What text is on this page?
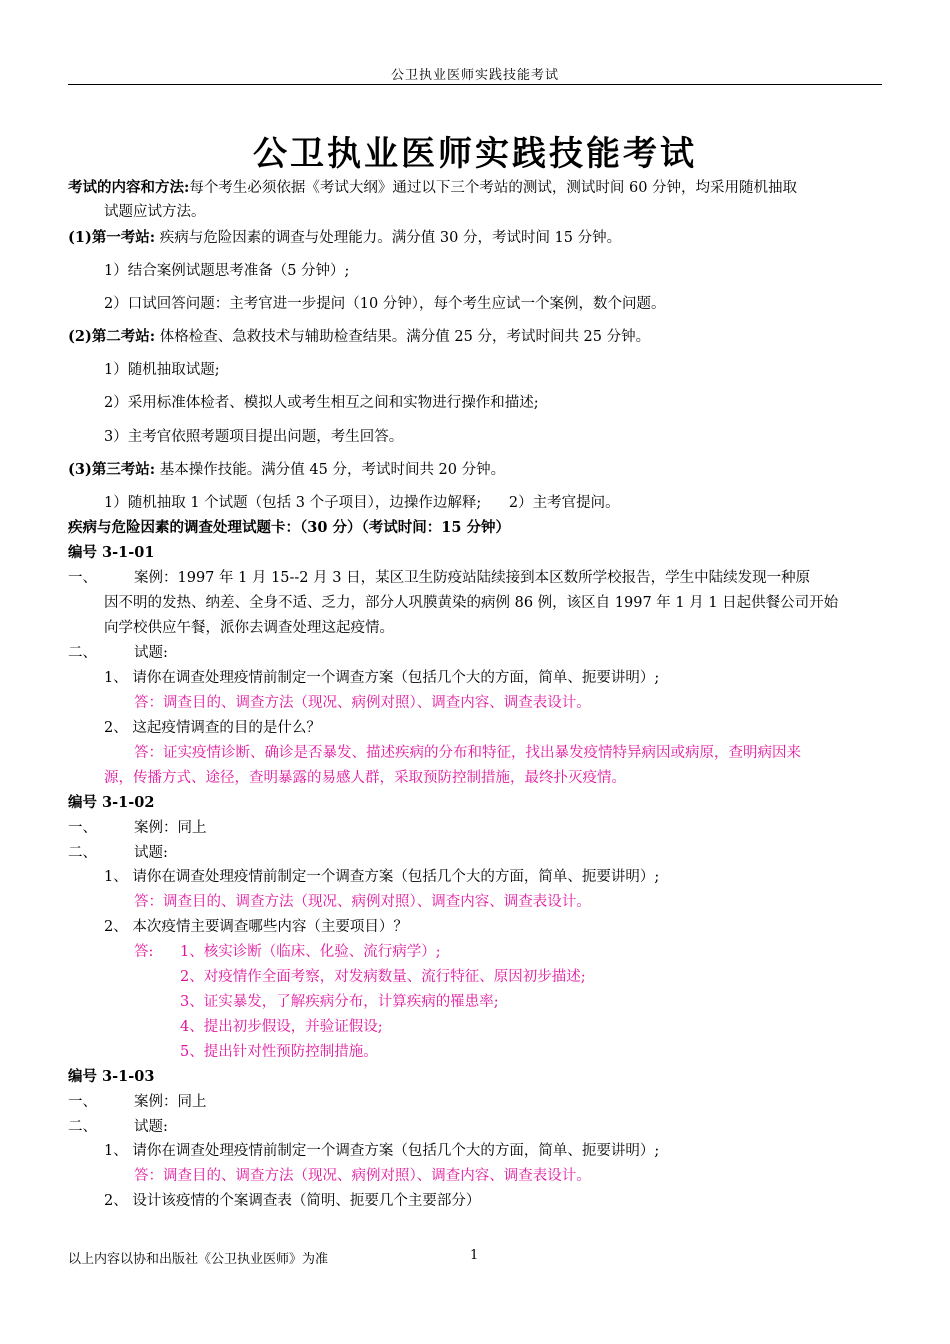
公卫执业医师实践技能考试
公卫执业医师实践技能考试
考试的内容和方法:每个考生必须依据《考试大纲》通过以下三个考站的测试，测试时间 60 分钟，均采用随机抽取
试题应试方法。
(1)第一考站: 疾病与危险因素的调查与处理能力。满分值 30 分，考试时间 15 分钟。
1）结合案例试题思考准备（5 分钟）;
2）口试回答问题：主考官进一步提问（10 分钟），每个考生应试一个案例，数个问题。
(2)第二考站: 体格检查、急救技术与辅助检查结果。满分值 25 分，考试时间共 25 分钟。
1）随机抽取试题;
2）采用标准体检者、模拟人或考生相互之间和实物进行操作和描述;
3）主考官依照考题项目提出问题，考生回答。
(3)第三考站: 基本操作技能。满分值 45 分，考试时间共 20 分钟。
1）随机抽取 1 个试题（包括 3 个子项目），边操作边解释;      2）主考官提问。
疾病与危险因素的调查处理试题卡：（30 分）（考试时间：15 分钟）
编号 3-1-01
一、	案例：1997 年 1 月 15--2 月 3 日，某区卫生防疫站陆续接到本区数所学校报告，学生中陆续发现一种原
因不明的发热、纳差、全身不适、乏力，部分人巩膜黄染的病例 86 例，该区自 1997 年 1 月 1 日起供餐公司开始
向学校供应午餐，派你去调查处理这起疫情。
二、	试题:
1、 请你在调查处理疫情前制定一个调查方案（包括几个大的方面，简单、扼要讲明）;
答：调查目的、调查方法（现况、病例对照）、调查内容、调查表设计。
2、 这起疫情调查的目的是什么？
答：证实疫情诊断、确诊是否暴发、描述疾病的分布和特征，找出暴发疫情特异病因或病原，查明病因来
源，传播方式、途径，查明暴露的易感人群，采取预防控制措施，最终扑灭疫情。
编号 3-1-02
一、	案例：同上
二、	试题:
1、 请你在调查处理疫情前制定一个调查方案（包括几个大的方面，简单、扼要讲明）;
答：调查目的、调查方法（现况、病例对照）、调查内容、调查表设计。
2、 本次疫情主要调查哪些内容（主要项目）？
答: 1、核实诊断（临床、化验、流行病学）;
2、对疫情作全面考察，对发病数量、流行特征、原因初步描述;
3、证实暴发，了解疾病分布，计算疾病的罹患率;
4、提出初步假设，并验证假设;
5、提出针对性预防控制措施。
编号 3-1-03
一、	案例：同上
二、	试题:
1、 请你在调查处理疫情前制定一个调查方案（包括几个大的方面，简单、扼要讲明）;
答：调查目的、调查方法（现况、病例对照）、调查内容、调查表设计。
2、 设计该疫情的个案调查表（简明、扼要几个主要部分）
以上内容以协和出版社《公卫执业医师》为准	1
